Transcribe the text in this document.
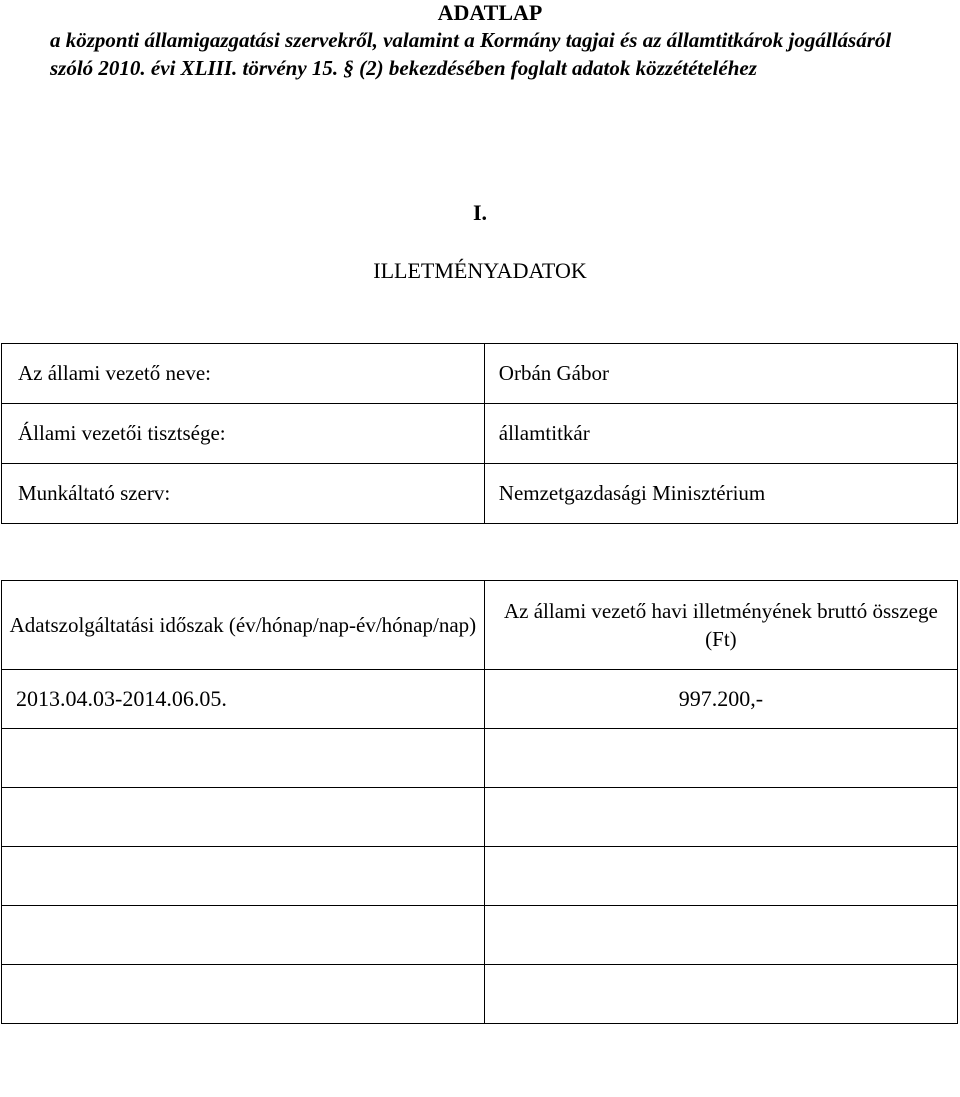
ADATLAP
a központi államigazgatási szervekről, valamint a Kormány tagjai és az államtitkárok jogállásáról szóló 2010. évi XLIII. törvény 15. § (2) bekezdésében foglalt adatok közzétételéhez
I.
ILLETMÉNYADATOK
Az állami vezető neve:	Orbán Gábor
Állami vezetői tisztsége:	államtitkár
Munkáltató szerv:	Nemzetgazdasági Minisztérium
Adatszolgáltatási időszak (év/hónap/nap-év/hónap/nap)	Az állami vezető havi illetményének bruttó összege (Ft)
2013.04.03-2014.06.05.	997.200,-
